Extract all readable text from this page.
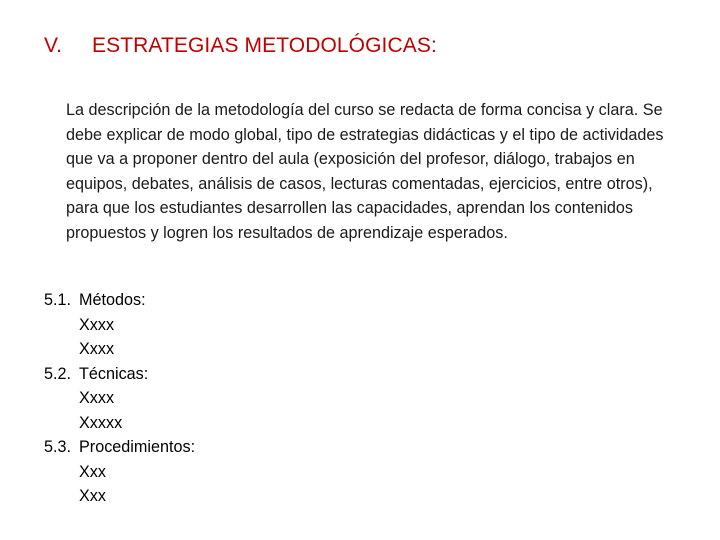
V. ESTRATEGIAS METODOLÓGICAS:
La descripción de la metodología del curso se redacta de forma concisa y clara. Se debe explicar de modo global, tipo de estrategias didácticas y el tipo de actividades que va a proponer dentro del aula (exposición del profesor, diálogo, trabajos en equipos, debates, análisis de casos, lecturas comentadas, ejercicios, entre otros), para que los estudiantes desarrollen las capacidades, aprendan los contenidos propuestos y logren los resultados de aprendizaje esperados.
5.1. Métodos:
Xxxx
Xxxx
5.2. Técnicas:
Xxxx
Xxxxx
5.3. Procedimientos:
Xxx
Xxx
